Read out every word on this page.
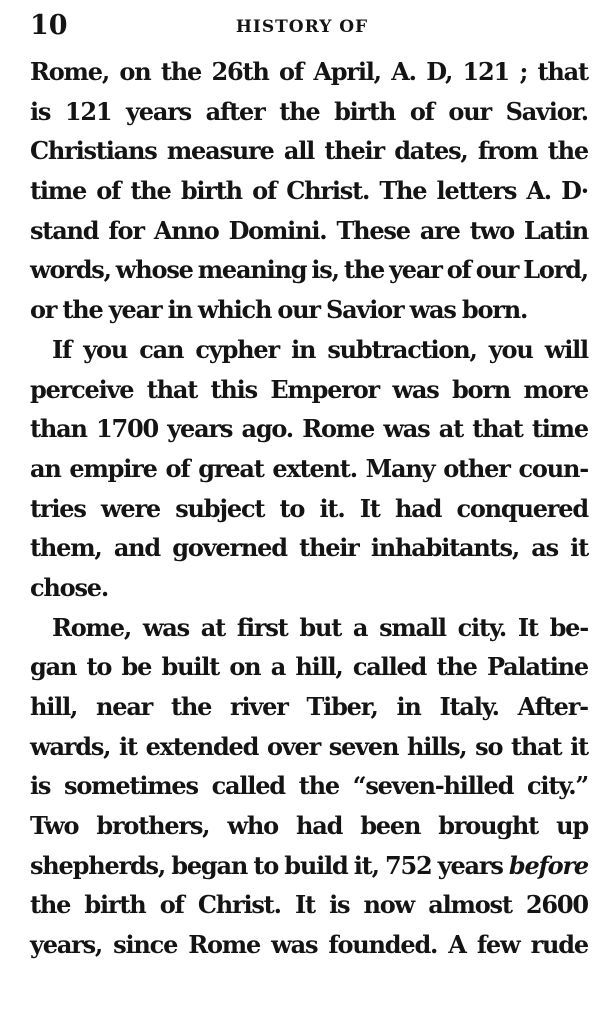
10	HISTORY OF
Rome, on the 26th of April, A. D, 121 ; that
is 121 years after the birth of our Savior.
Christians measure all their dates, from the
time of the birth of Christ. The letters A. D·
stand for Anno Domini. These are two Latin
words, whose meaning is, the year of our Lord,
or
the
year
in
which
our
Savior
was
born.
If you can cypher in subtraction, you will
perceive that this Emperor was born more
than 1700 years ago. Rome was at that time
an empire of great extent. Many other coun-
tries were subject to it. It had conquered
them, and governed their inhabitants, as it
chose.
Rome, was at first but a small city. It be-
gan to be built on a hill, called the Palatine
hill, near the river Tiber, in Italy. After-
wards, it extended over seven hills, so that it
is sometimes called the “seven-hilled city.”
Two brothers, who had been brought up
shepherds, began to build it, 752 years before
the birth of Christ. It is now almost 2600
years, since Rome was founded. A few rude
